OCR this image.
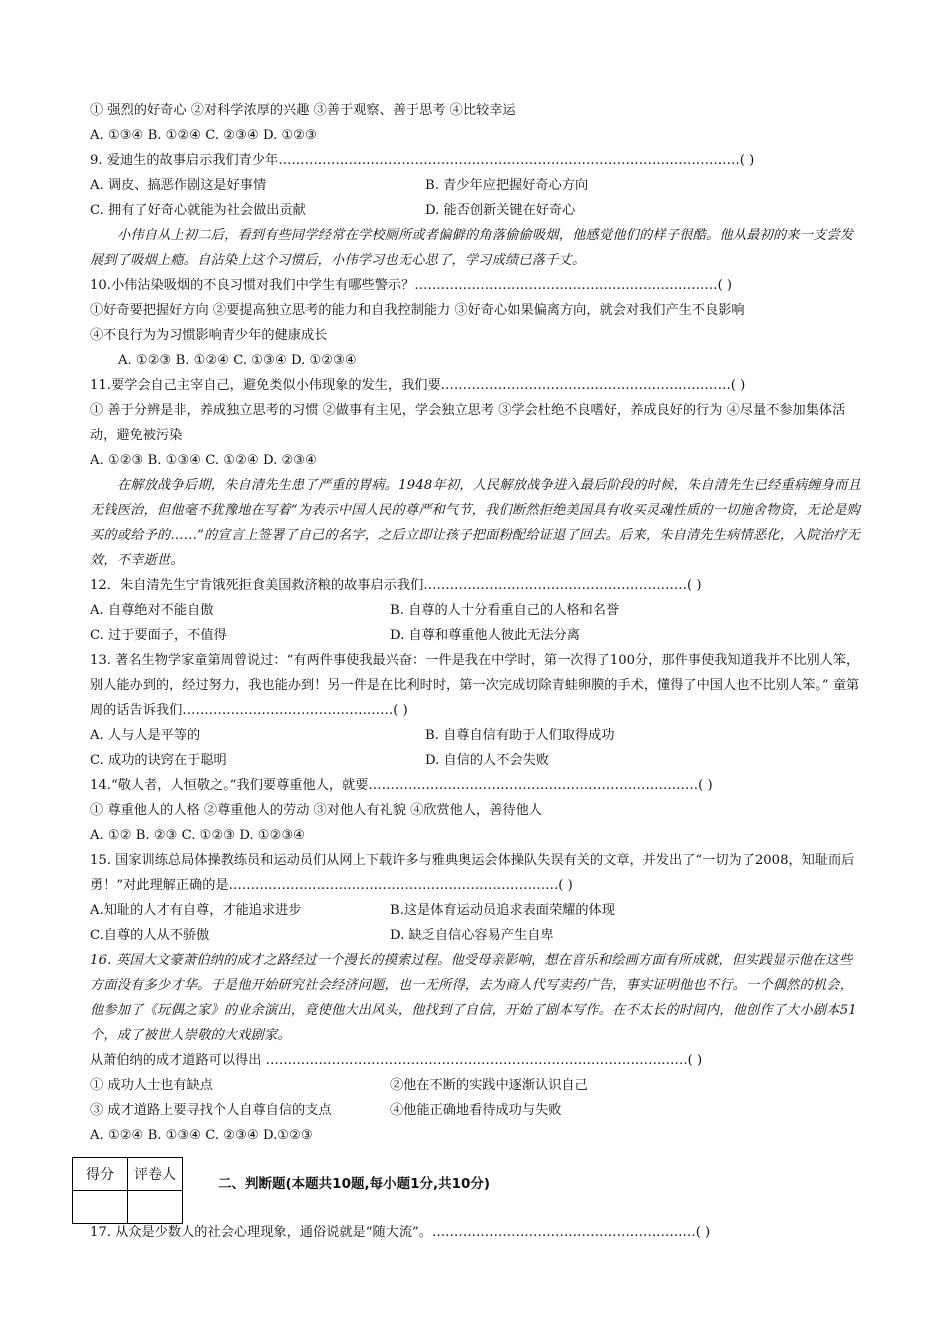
① 强烈的好奇心 ②对科学浓厚的兴趣 ③善于观察、善于思考 ④比较幸运
A. ①③④ B. ①②④ C. ②③④ D. ①②③
9. 爱迪生的故事启示我们青少年……………………………………………………………………………………………( )
A. 调皮、搞恶作剧这是好事情	B. 青少年应把握好奇心方向
C. 拥有了好奇心就能为社会做出贡献	D. 能否创新关键在好奇心
小伟自从上初二后，看到有些同学经常在学校厕所或者偏僻的角落偷偷吸烟，他感觉他们的样子很酷。他从最初的来一支尝发展到了吸烟上瘾。自沾染上这个习惯后，小伟学习也无心思了，学习成绩已落千丈。
10.小伟沾染吸烟的不良习惯对我们中学生有哪些警示？……………………………………………………………( )
①好奇要把握好方向 ②要提高独立思考的能力和自我控制能力 ③好奇心如果偏离方向，就会对我们产生不良影响
④不良行为为习惯影响青少年的健康成长
A. ①②③ B. ①②④ C. ①③④ D. ①②③④
11.要学会自己主宰自己，避免类似小伟现象的发生，我们要…………………………………………………………( )
① 善于分辨是非，养成独立思考的习惯 ②做事有主见，学会独立思考 ③学会杜绝不良嗜好，养成良好的行为 ④尽量不参加集体活动，避免被污染
A. ①②③ B. ①③④ C. ①②④ D. ②③④
在解放战争后期，朱自清先生患了严重的胃病。1948年初，人民解放战争进入最后阶段的时候，朱自清先生已经重病缠身而且无钱医治，但他毫不犹豫地在写着“为表示中国人民的尊严和气节，我们断然拒绝美国具有收买灵魂性质的一切施舍物资，无论是购买的或给予的……”的宣言上签署了自己的名字，之后立即让孩子把面粉配给证退了回去。后来，朱自清先生病情恶化，入院治疗无效，不幸逝世。
12．朱自清先生宁肯饿死拒食美国救济粮的故事启示我们……………………………………………………( )
A. 自尊绝对不能自傲	B. 自尊的人十分看重自己的人格和名誉
C. 过于要面子，不值得	D. 自尊和尊重他人彼此无法分离
13. 著名生物学家童第周曾说过：“有两件事使我最兴奋：一件是我在中学时，第一次得了100分，那件事使我知道我并不比别人笨，别人能办到的，经过努力，我也能办到！另一件是在比利时时，第一次完成切除青蛙卵膜的手术，懂得了中国人也不比别人笨。” 童第周的话告诉我们…………………………………………( )
A. 人与人是平等的	B. 自尊自信有助于人们取得成功
C. 成功的诀窍在于聪明	D. 自信的人不会失败
14.“敬人者，人恒敬之。”我们要尊重他人，就要…………………………………………………………………( )
① 尊重他人的人格 ②尊重他人的劳动 ③对他人有礼貌 ④欣赏他人，善待他人
A. ①② B. ②③ C. ①②③ D. ①②③④
15. 国家训练总局体操教练员和运动员们从网上下载许多与雅典奥运会体操队失误有关的文章，并发出了“一切为了2008，知耻而后勇！”对此理解正确的是…………………………………………………………………( )
A.知耻的人才有自尊，才能追求进步	B.这是体育运动员追求表面荣耀的体现
C.自尊的人从不骄傲	D. 缺乏自信心容易产生自卑
16. 英国大文豪萧伯纳的成才之路经过一个漫长的摸索过程。他受母亲影响，想在音乐和绘画方面有所成就，但实践显示他在这些方面没有多少才华。于是他开始研究社会经济问题，也一无所得，去为商人代写卖药广告，事实证明他也不行。一个偶然的机会，他参加了《玩偶之家》的业余演出，竟使他大出风头，他找到了自信，开始了剧本写作。在不太长的时间内，他创作了大小剧本51个，成了被世人崇敬的大戏剧家。
从萧伯纳的成才道路可以得出 ……………………………………………………………………………………( )
① 成功人士也有缺点	②他在不断的实践中逐渐认识自己
③ 成才道路上要寻找个人自尊自信的支点	④他能正确地看待成功与失败
A. ①②④ B. ①③④ C. ②③④ D.①②③
得分	评卷人

二、判断题(本题共10题,每小题1分,共10分)
17. 从众是少数人的社会心理现象，通俗说就是“随大流”。……………………………………………………( )
